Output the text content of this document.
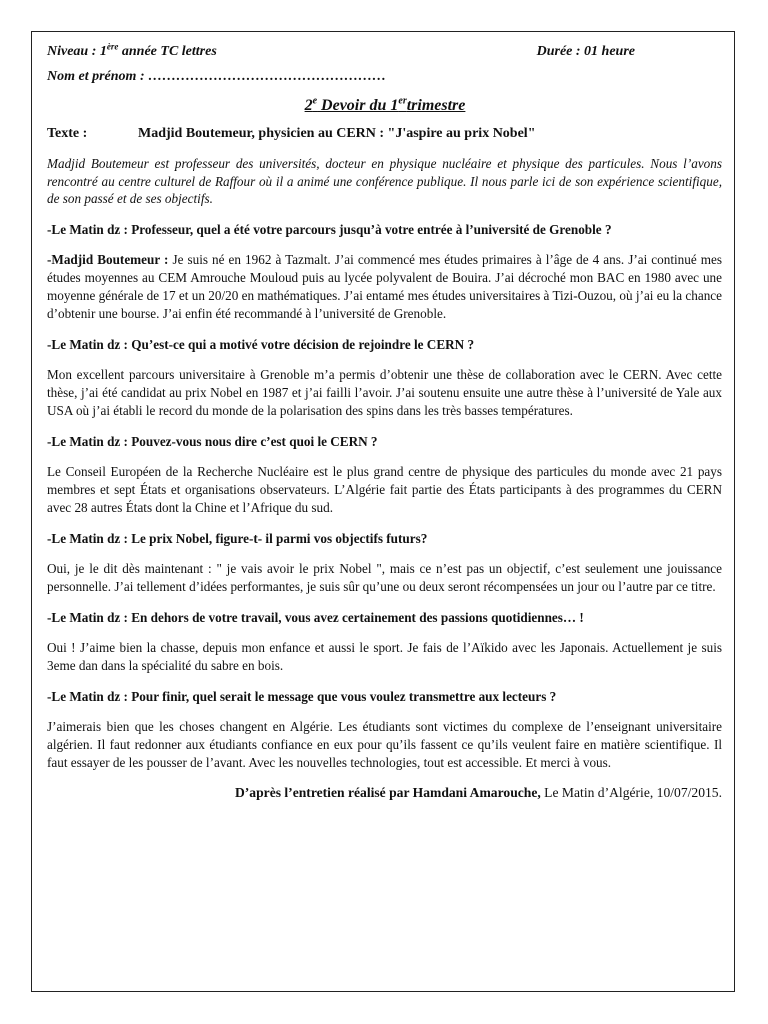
Niveau : 1ère année TC lettres	Durée : 01 heure
Nom et prénom : ……………………………………………
2e Devoir du 1ertrimestre
Texte :	Madjid Boutemeur, physicien au CERN : "J'aspire au prix Nobel"
Madjid Boutemeur est professeur des universités, docteur en physique nucléaire et physique des particules. Nous l’avons rencontré au centre culturel de Raffour où il a animé une conférence publique. Il nous parle ici de son expérience scientifique, de son passé et de ses objectifs.
-Le Matin dz : Professeur, quel a été votre parcours jusqu’à votre entrée à l’université de Grenoble ?
-Madjid Boutemeur : Je suis né en 1962 à Tazmalt. J’ai commencé mes études primaires à l’âge de 4 ans. J’ai continué mes études moyennes au CEM Amrouche Mouloud puis au lycée polyvalent de Bouira. J’ai décroché mon BAC en 1980 avec une moyenne générale de 17 et un 20/20 en mathématiques. J’ai entamé mes études universitaires à Tizi-Ouzou, où j’ai eu la chance d’obtenir une bourse. J’ai enfin été recommandé à l’université de Grenoble.
-Le Matin dz : Qu’est-ce qui a motivé votre décision de rejoindre le CERN ?
Mon excellent parcours universitaire à Grenoble m’a permis d’obtenir une thèse de collaboration avec le CERN. Avec cette thèse, j’ai été candidat au prix Nobel en 1987 et j’ai failli l’avoir. J’ai soutenu ensuite une autre thèse à l’université de Yale aux USA où j’ai établi le record du monde de la polarisation des spins dans les très basses températures.
-Le Matin dz : Pouvez-vous nous dire c’est quoi le CERN ?
Le Conseil Européen de la Recherche Nucléaire est le plus grand centre de physique des particules du monde avec 21 pays membres et sept États et organisations observateurs. L’Algérie fait partie des États participants à des programmes du CERN avec 28 autres États dont la Chine et l’Afrique du sud.
-Le Matin dz : Le prix Nobel, figure-t- il parmi vos objectifs futurs?
Oui, je le dit dès maintenant : " je vais avoir le prix Nobel ", mais ce n’est pas un objectif, c’est seulement une jouissance personnelle. J’ai tellement d’idées performantes, je suis sûr qu’une ou deux seront récompensées un jour ou l’autre par ce titre.
-Le Matin dz : En dehors de votre travail, vous avez certainement des passions quotidiennes… !
Oui ! J’aime bien la chasse, depuis mon enfance et aussi le sport. Je fais de l’Aïkido avec les Japonais. Actuellement je suis 3eme dan dans la spécialité du sabre en bois.
-Le Matin dz : Pour finir, quel serait le message que vous voulez transmettre aux lecteurs ?
J’aimerais bien que les choses changent en Algérie. Les étudiants sont victimes du complexe de l’enseignant universitaire algérien. Il faut redonner aux étudiants confiance en eux pour qu’ils fassent ce qu’ils veulent faire en matière scientifique. Il faut essayer de les pousser de l’avant. Avec les nouvelles technologies, tout est accessible. Et merci à vous.
D’après l’entretien réalisé par Hamdani Amarouche, Le Matin d’Algérie, 10/07/2015.
